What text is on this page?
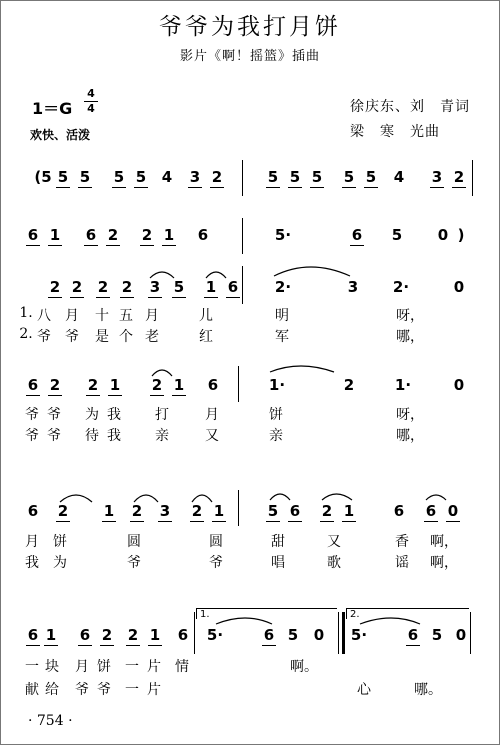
爷爷为我打月饼
影片《啊！摇篮》插曲
1＝G
4
4
欢快、活泼
徐庆东、刘　青词
梁　寒　光曲
(5 5 5 5 5 4 3 2	5 5 5 5 5 4 3 2
6 1 6 2 2 1 6	5·	6 5 0 )
2 2 2 2 3 5 1 6 2·	3 2·	0
1. 八 月 十 五 月	儿	明	呀，
2. 爷 爷 是 个 老	红	军	哪，
6 2 2 1 2 1 6	1·	2	1·	0
爷 爷 为 我 打	月	饼	呀，
爷 爷 待 我 亲	又	亲	哪，
6 2 1 2 3 2 1	5 6 2 1	6 6 0
月 饼	圆	圆	甜	又	香	啊，
我 为	爷	爷	唱	歌	谣	啊，
6 1 6 2 2 1 6 5·	6 5 0 5·	6 5 0
1.	2.
一 块 月 饼 一 片 情	啊。
献 给 爷 爷 一 片	心	哪。
· 754 ·
